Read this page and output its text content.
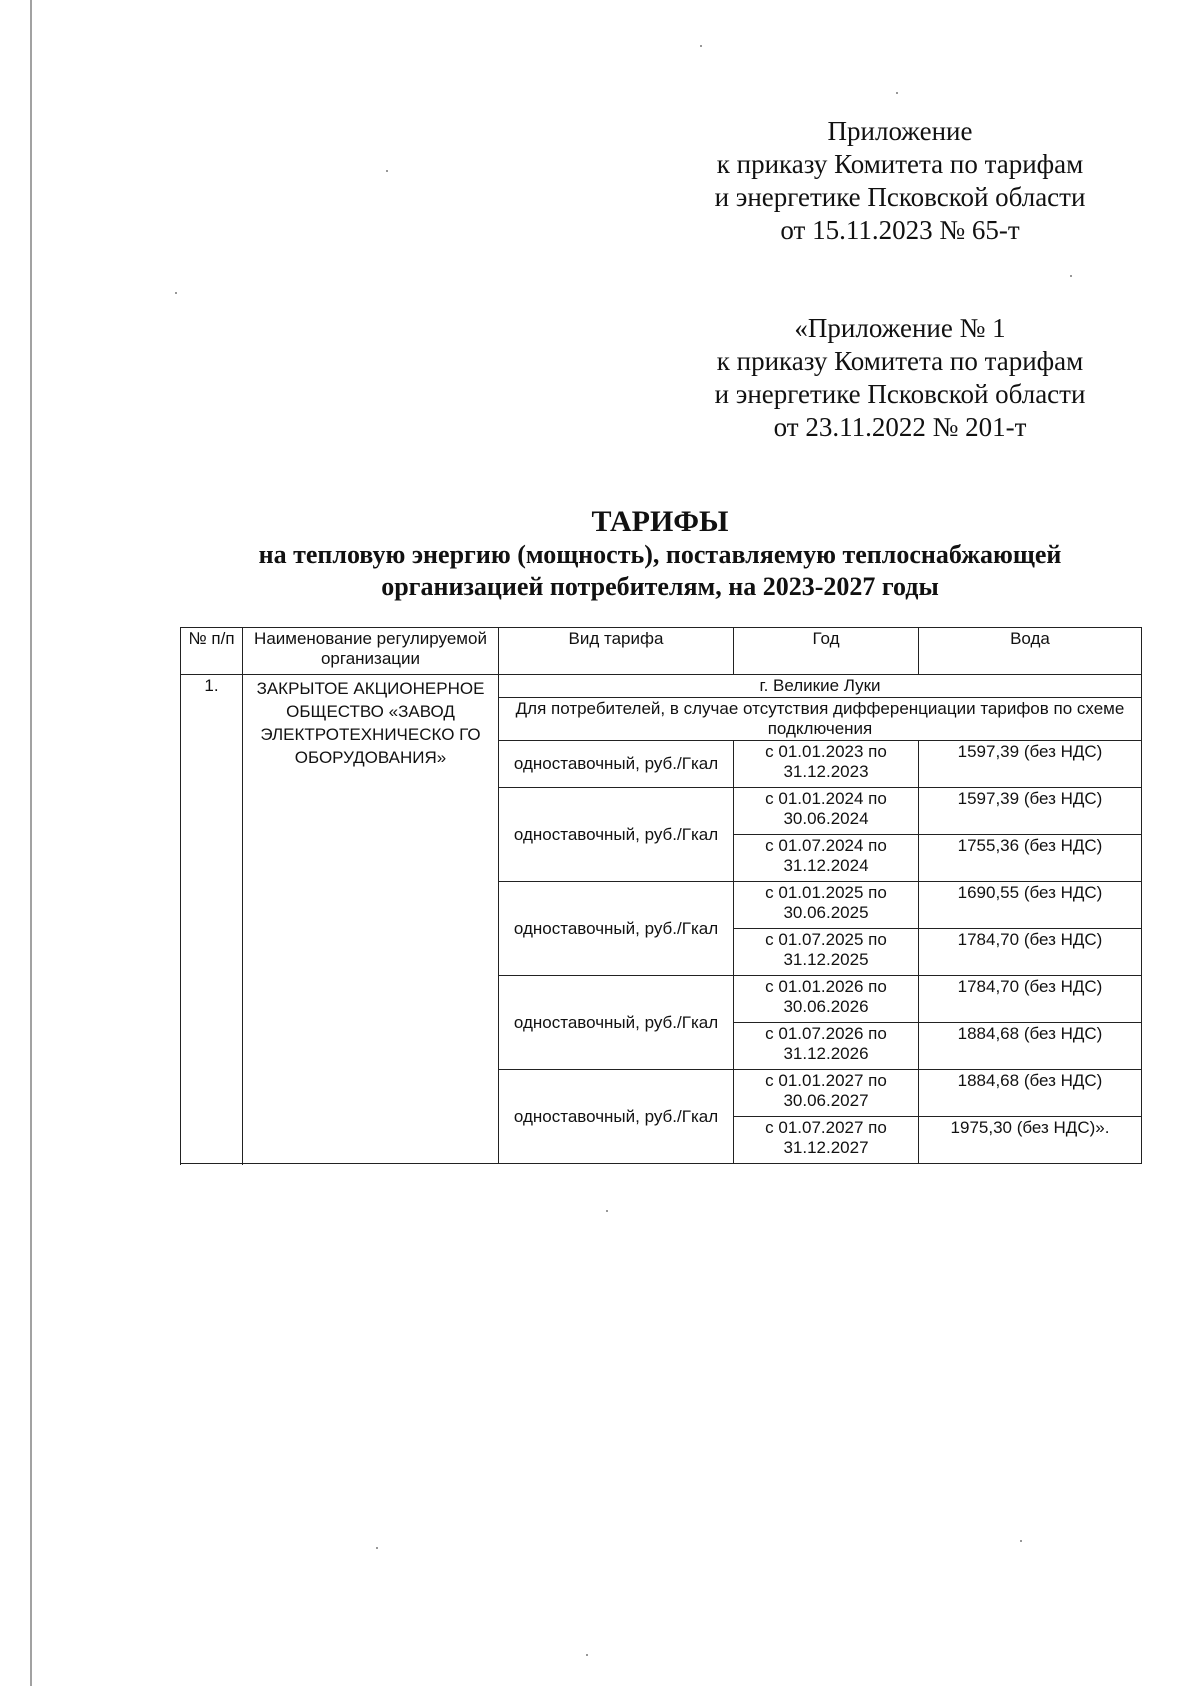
Приложение
к приказу Комитета по тарифам
и энергетике Псковской области
от 15.11.2023 № 65-т
«Приложение № 1
к приказу Комитета по тарифам
и энергетике Псковской области
от 23.11.2022 № 201-т
ТАРИФЫ
на тепловую энергию (мощность), поставляемую теплоснабжающей
организацией потребителям, на 2023-2027 годы
№ п/п	Наименование регулируемой организации	Вид тарифа	Год	Вода
1.	ЗАКРЫТОЕ АКЦИОНЕРНОЕ ОБЩЕСТВО «ЗАВОД ЭЛЕКТРОТЕХНИЧЕСКО ГО ОБОРУДОВАНИЯ»	г. Великие Луки		
		Для потребителей, в случае отсутствия дифференциации тарифов по схеме подключения		
		одноставочный, руб./Гкал	с 01.01.2023 по 31.12.2023	1597,39 (без НДС)
		одноставочный, руб./Гкал	с 01.01.2024 по 30.06.2024	1597,39 (без НДС)
			с 01.07.2024 по 31.12.2024	1755,36 (без НДС)
		одноставочный, руб./Гкал	с 01.01.2025 по 30.06.2025	1690,55 (без НДС)
			с 01.07.2025 по 31.12.2025	1784,70 (без НДС)
		одноставочный, руб./Гкал	с 01.01.2026 по 30.06.2026	1784,70 (без НДС)
			с 01.07.2026 по 31.12.2026	1884,68 (без НДС)
		одноставочный, руб./Гкал	с 01.01.2027 по 30.06.2027	1884,68 (без НДС)
			с 01.07.2027 по 31.12.2027	1975,30 (без НДС)».
